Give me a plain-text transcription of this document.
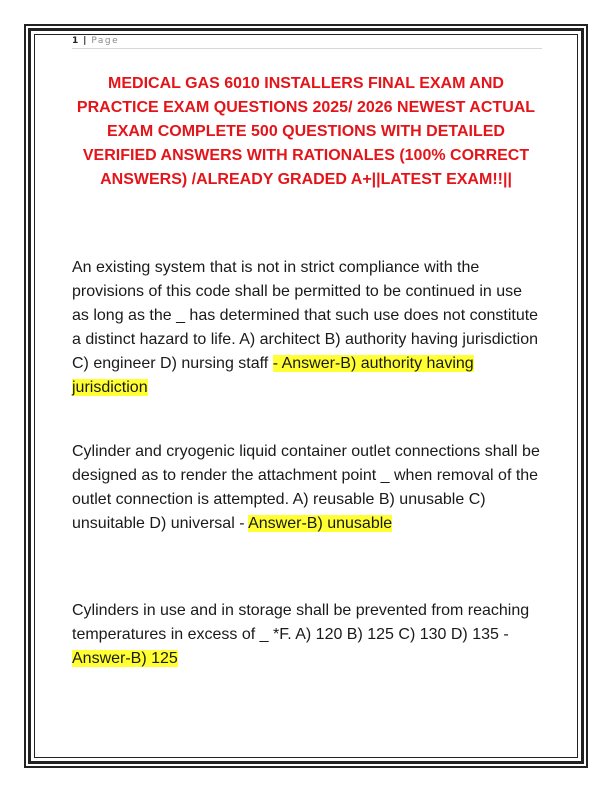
1 | Page
MEDICAL GAS 6010 INSTALLERS FINAL EXAM AND PRACTICE EXAM QUESTIONS 2025/ 2026 NEWEST ACTUAL EXAM COMPLETE 500 QUESTIONS WITH DETAILED VERIFIED ANSWERS WITH RATIONALES (100% CORRECT ANSWERS) /ALREADY GRADED A+||LATEST EXAM!!||

An existing system that is not in strict compliance with the provisions of this code shall be permitted to be continued in use as long as the _ has determined that such use does not constitute a distinct hazard to life. A) architect B) authority having jurisdiction C) engineer D) nursing staff - Answer-B) authority having jurisdiction

Cylinder and cryogenic liquid container outlet connections shall be designed as to render the attachment point _ when removal of the outlet connection is attempted. A) reusable B) unusable C) unsuitable D) universal - Answer-B) unusable

Cylinders in use and in storage shall be prevented from reaching temperatures in excess of _ *F. A) 120 B) 125 C) 130 D) 135 - Answer-B) 125
